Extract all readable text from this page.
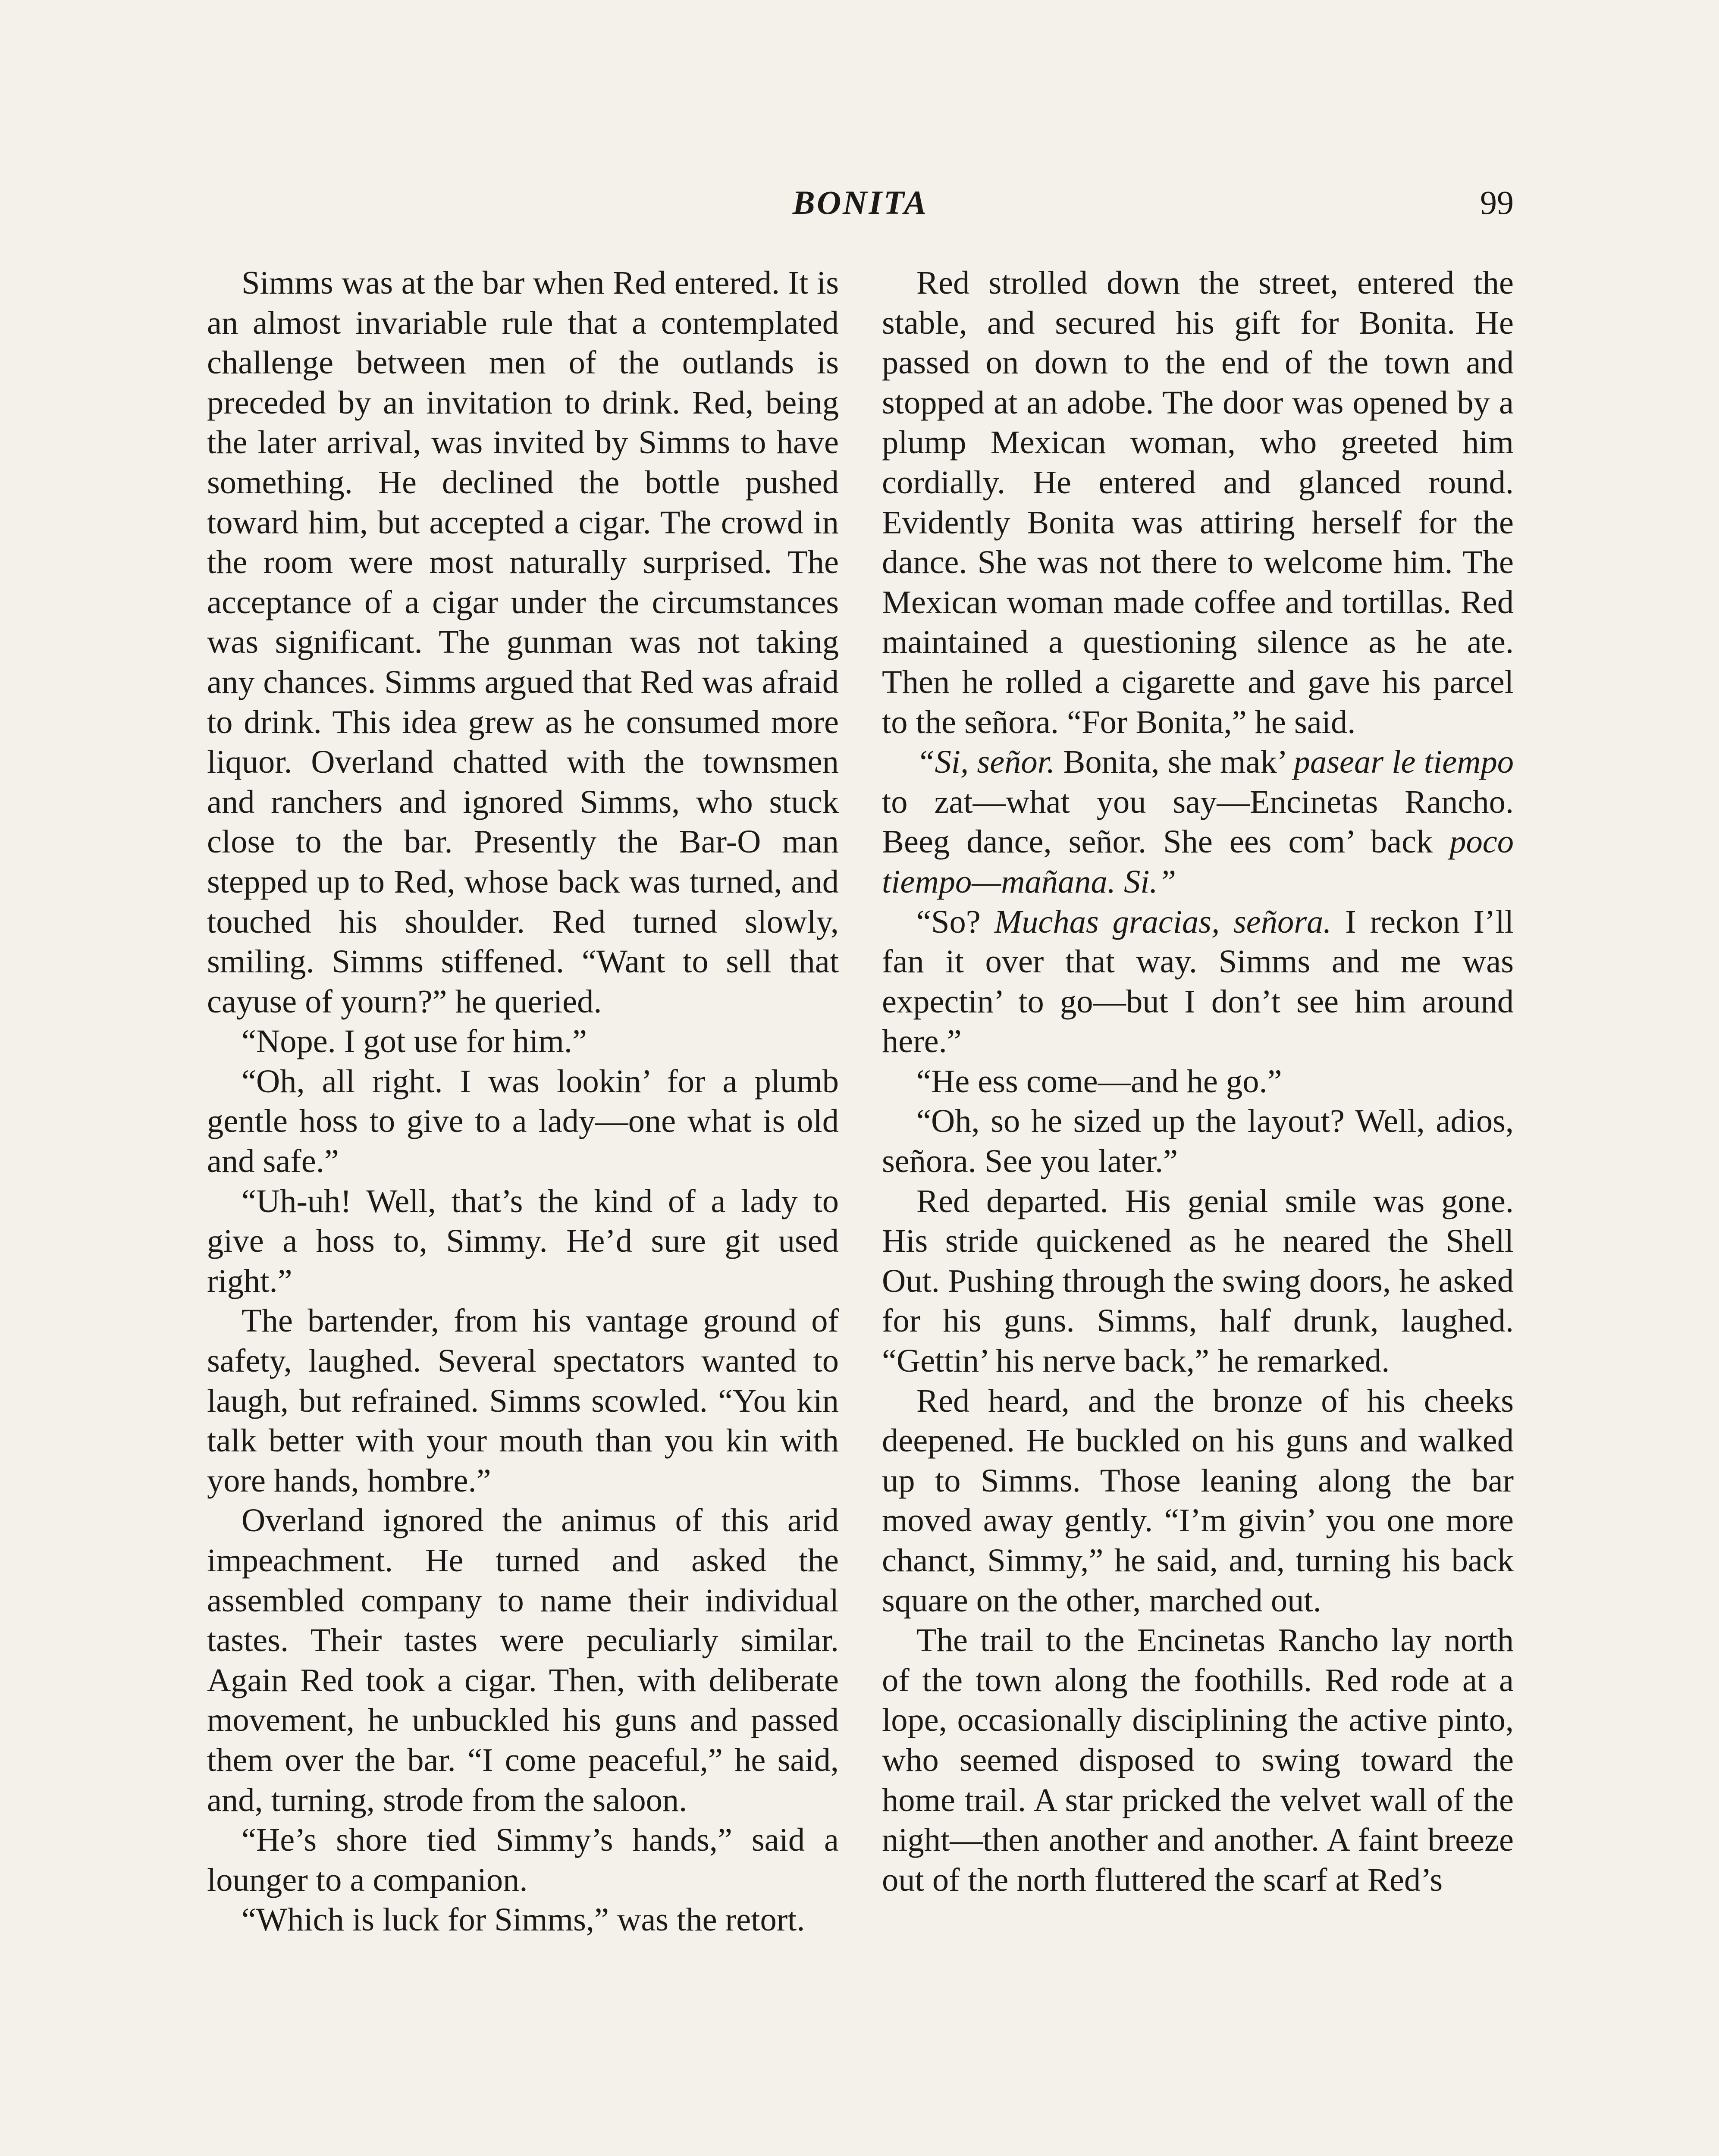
BONITA	99

Simms was at the bar when Red entered. It is an almost invariable rule that a contemplated challenge between men of the outlands is preceded by an invitation to drink. Red, being the later arrival, was invited by Simms to have something. He declined the bottle pushed toward him, but accepted a cigar. The crowd in the room were most naturally surprised. The acceptance of a cigar under the circumstances was significant. The gunman was not taking any chances. Simms argued that Red was afraid to drink. This idea grew as he consumed more liquor. Overland chatted with the townsmen and ranchers and ignored Simms, who stuck close to the bar. Presently the Bar-O man stepped up to Red, whose back was turned, and touched his shoulder. Red turned slowly, smiling. Simms stiffened. “Want to sell that cayuse of yourn?” he queried.

“Nope. I got use for him.”

“Oh, all right. I was lookin’ for a plumb gentle hoss to give to a lady—one what is old and safe.”

“Uh-uh! Well, that’s the kind of a lady to give a hoss to, Simmy. He’d sure git used right.”

The bartender, from his vantage ground of safety, laughed. Several spectators wanted to laugh, but refrained. Simms scowled. “You kin talk better with your mouth than you kin with yore hands, hombre.”

Overland ignored the animus of this arid impeachment. He turned and asked the assembled company to name their individual tastes. Their tastes were peculiarly similar. Again Red took a cigar. Then, with deliberate movement, he unbuckled his guns and passed them over the bar. “I come peaceful,” he said, and, turning, strode from the saloon.

“He’s shore tied Simmy’s hands,” said a lounger to a companion.

“Which is luck for Simms,” was the retort.

Red strolled down the street, entered the stable, and secured his gift for Bonita. He passed on down to the end of the town and stopped at an adobe. The door was opened by a plump Mexican woman, who greeted him cordially. He entered and glanced round. Evidently Bonita was attiring herself for the dance. She was not there to welcome him. The Mexican woman made coffee and tortillas. Red maintained a questioning silence as he ate. Then he rolled a cigarette and gave his parcel to the señora. “For Bonita,” he said.

“Si, señor. Bonita, she mak’ pasear le tiempo to zat—what you say—Encinetas Rancho. Beeg dance, señor. She ees com’ back poco tiempo—mañana. Si.”

“So? Muchas gracias, señora. I reckon I’ll fan it over that way. Simms and me was expectin’ to go—but I don’t see him around here.”

“He ess come—and he go.”

“Oh, so he sized up the layout? Well, adios, señora. See you later.”

Red departed. His genial smile was gone. His stride quickened as he neared the Shell Out. Pushing through the swing doors, he asked for his guns. Simms, half drunk, laughed. “Gettin’ his nerve back,” he remarked.

Red heard, and the bronze of his cheeks deepened. He buckled on his guns and walked up to Simms. Those leaning along the bar moved away gently. “I’m givin’ you one more chanct, Simmy,” he said, and, turning his back square on the other, marched out.

The trail to the Encinetas Rancho lay north of the town along the foothills. Red rode at a lope, occasionally disciplining the active pinto, who seemed disposed to swing toward the home trail. A star pricked the velvet wall of the night—then another and another. A faint breeze out of the north fluttered the scarf at Red’s
